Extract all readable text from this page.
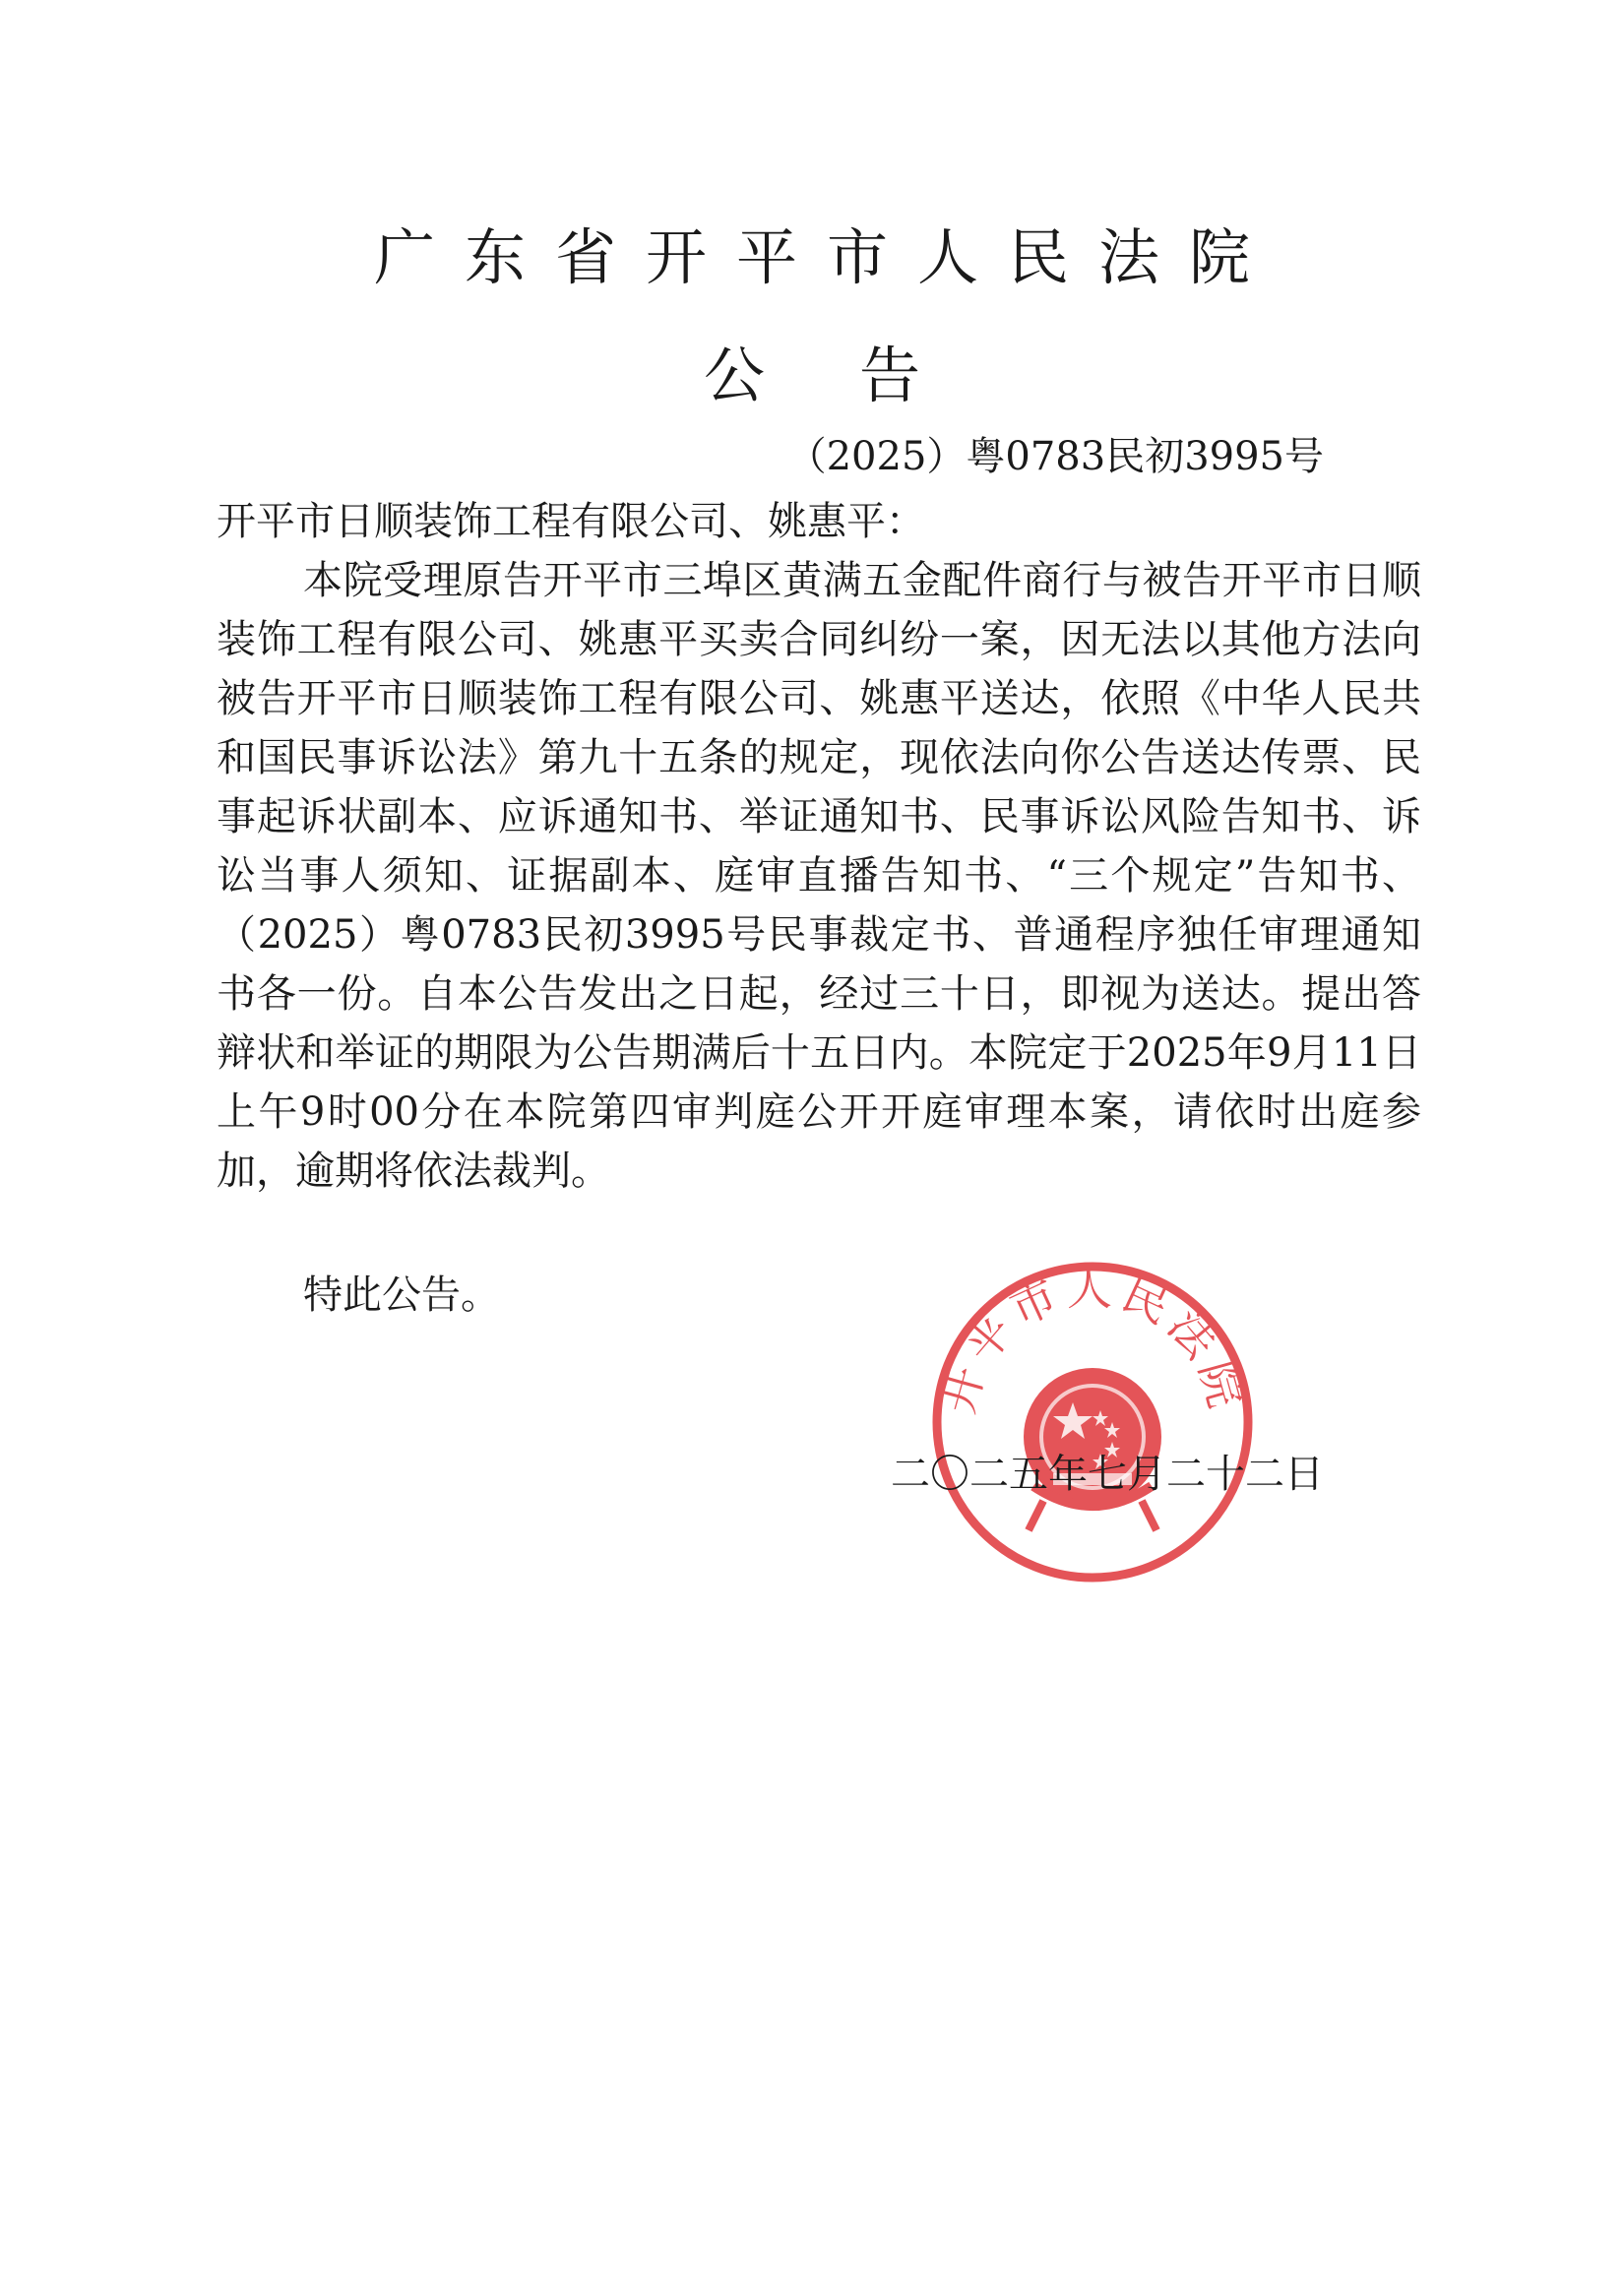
广东省开平市人民法院
公告
（2025）粤0783民初3995号
开平市日顺装饰工程有限公司、姚惠平：

本院受理原告开平市三埠区黄满五金配件商行与被告开平市日顺装饰工程有限公司、姚惠平买卖合同纠纷一案，因无法以其他方法向被告开平市日顺装饰工程有限公司、姚惠平送达，依照《中华人民共和国民事诉讼法》第九十五条的规定，现依法向你公告送达传票、民事起诉状副本、应诉通知书、举证通知书、民事诉讼风险告知书、诉讼当事人须知、证据副本、庭审直播告知书、“三个规定”告知书、（2025）粤0783民初3995号民事裁定书、普通程序独任审理通知书各一份。自本公告发出之日起，经过三十日，即视为送达。提出答辩状和举证的期限为公告期满后十五日内。本院定于2025年9月11日上午9时00分在本院第四审判庭公开开庭审理本案，请依时出庭参加，逾期将依法裁判。

特此公告。
开平市人民法院
二〇二五年七月二十二日
